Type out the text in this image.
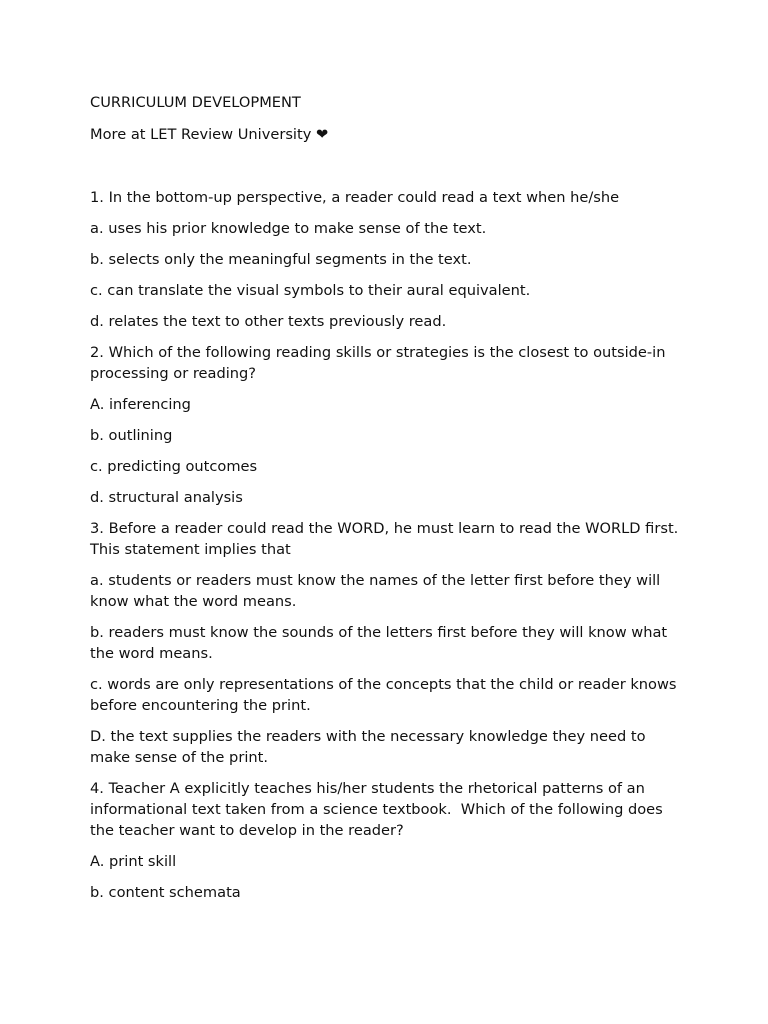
CURRICULUM DEVELOPMENT
More at LET Review University ❤
1. In the bottom-up perspective, a reader could read a text when he/she
a. uses his prior knowledge to make sense of the text.
b. selects only the meaningful segments in the text.
c. can translate the visual symbols to their aural equivalent.
d. relates the text to other texts previously read.
2. Which of the following reading skills or strategies is the closest to outside-in processing or reading?
A. inferencing
b. outlining
c. predicting outcomes
d. structural analysis
3. Before a reader could read the WORD, he must learn to read the WORLD first.  This statement implies that
a. students or readers must know the names of the letter first before they will know what the word means.
b. readers must know the sounds of the letters first before they will know what the word means.
c. words are only representations of the concepts that the child or reader knows before encountering the print.
D. the text supplies the readers with the necessary knowledge they need to make sense of the print.
4. Teacher A explicitly teaches his/her students the rhetorical patterns of an informational text taken from a science textbook.  Which of the following does the teacher want to develop in the reader?
A. print skill
b. content schemata
